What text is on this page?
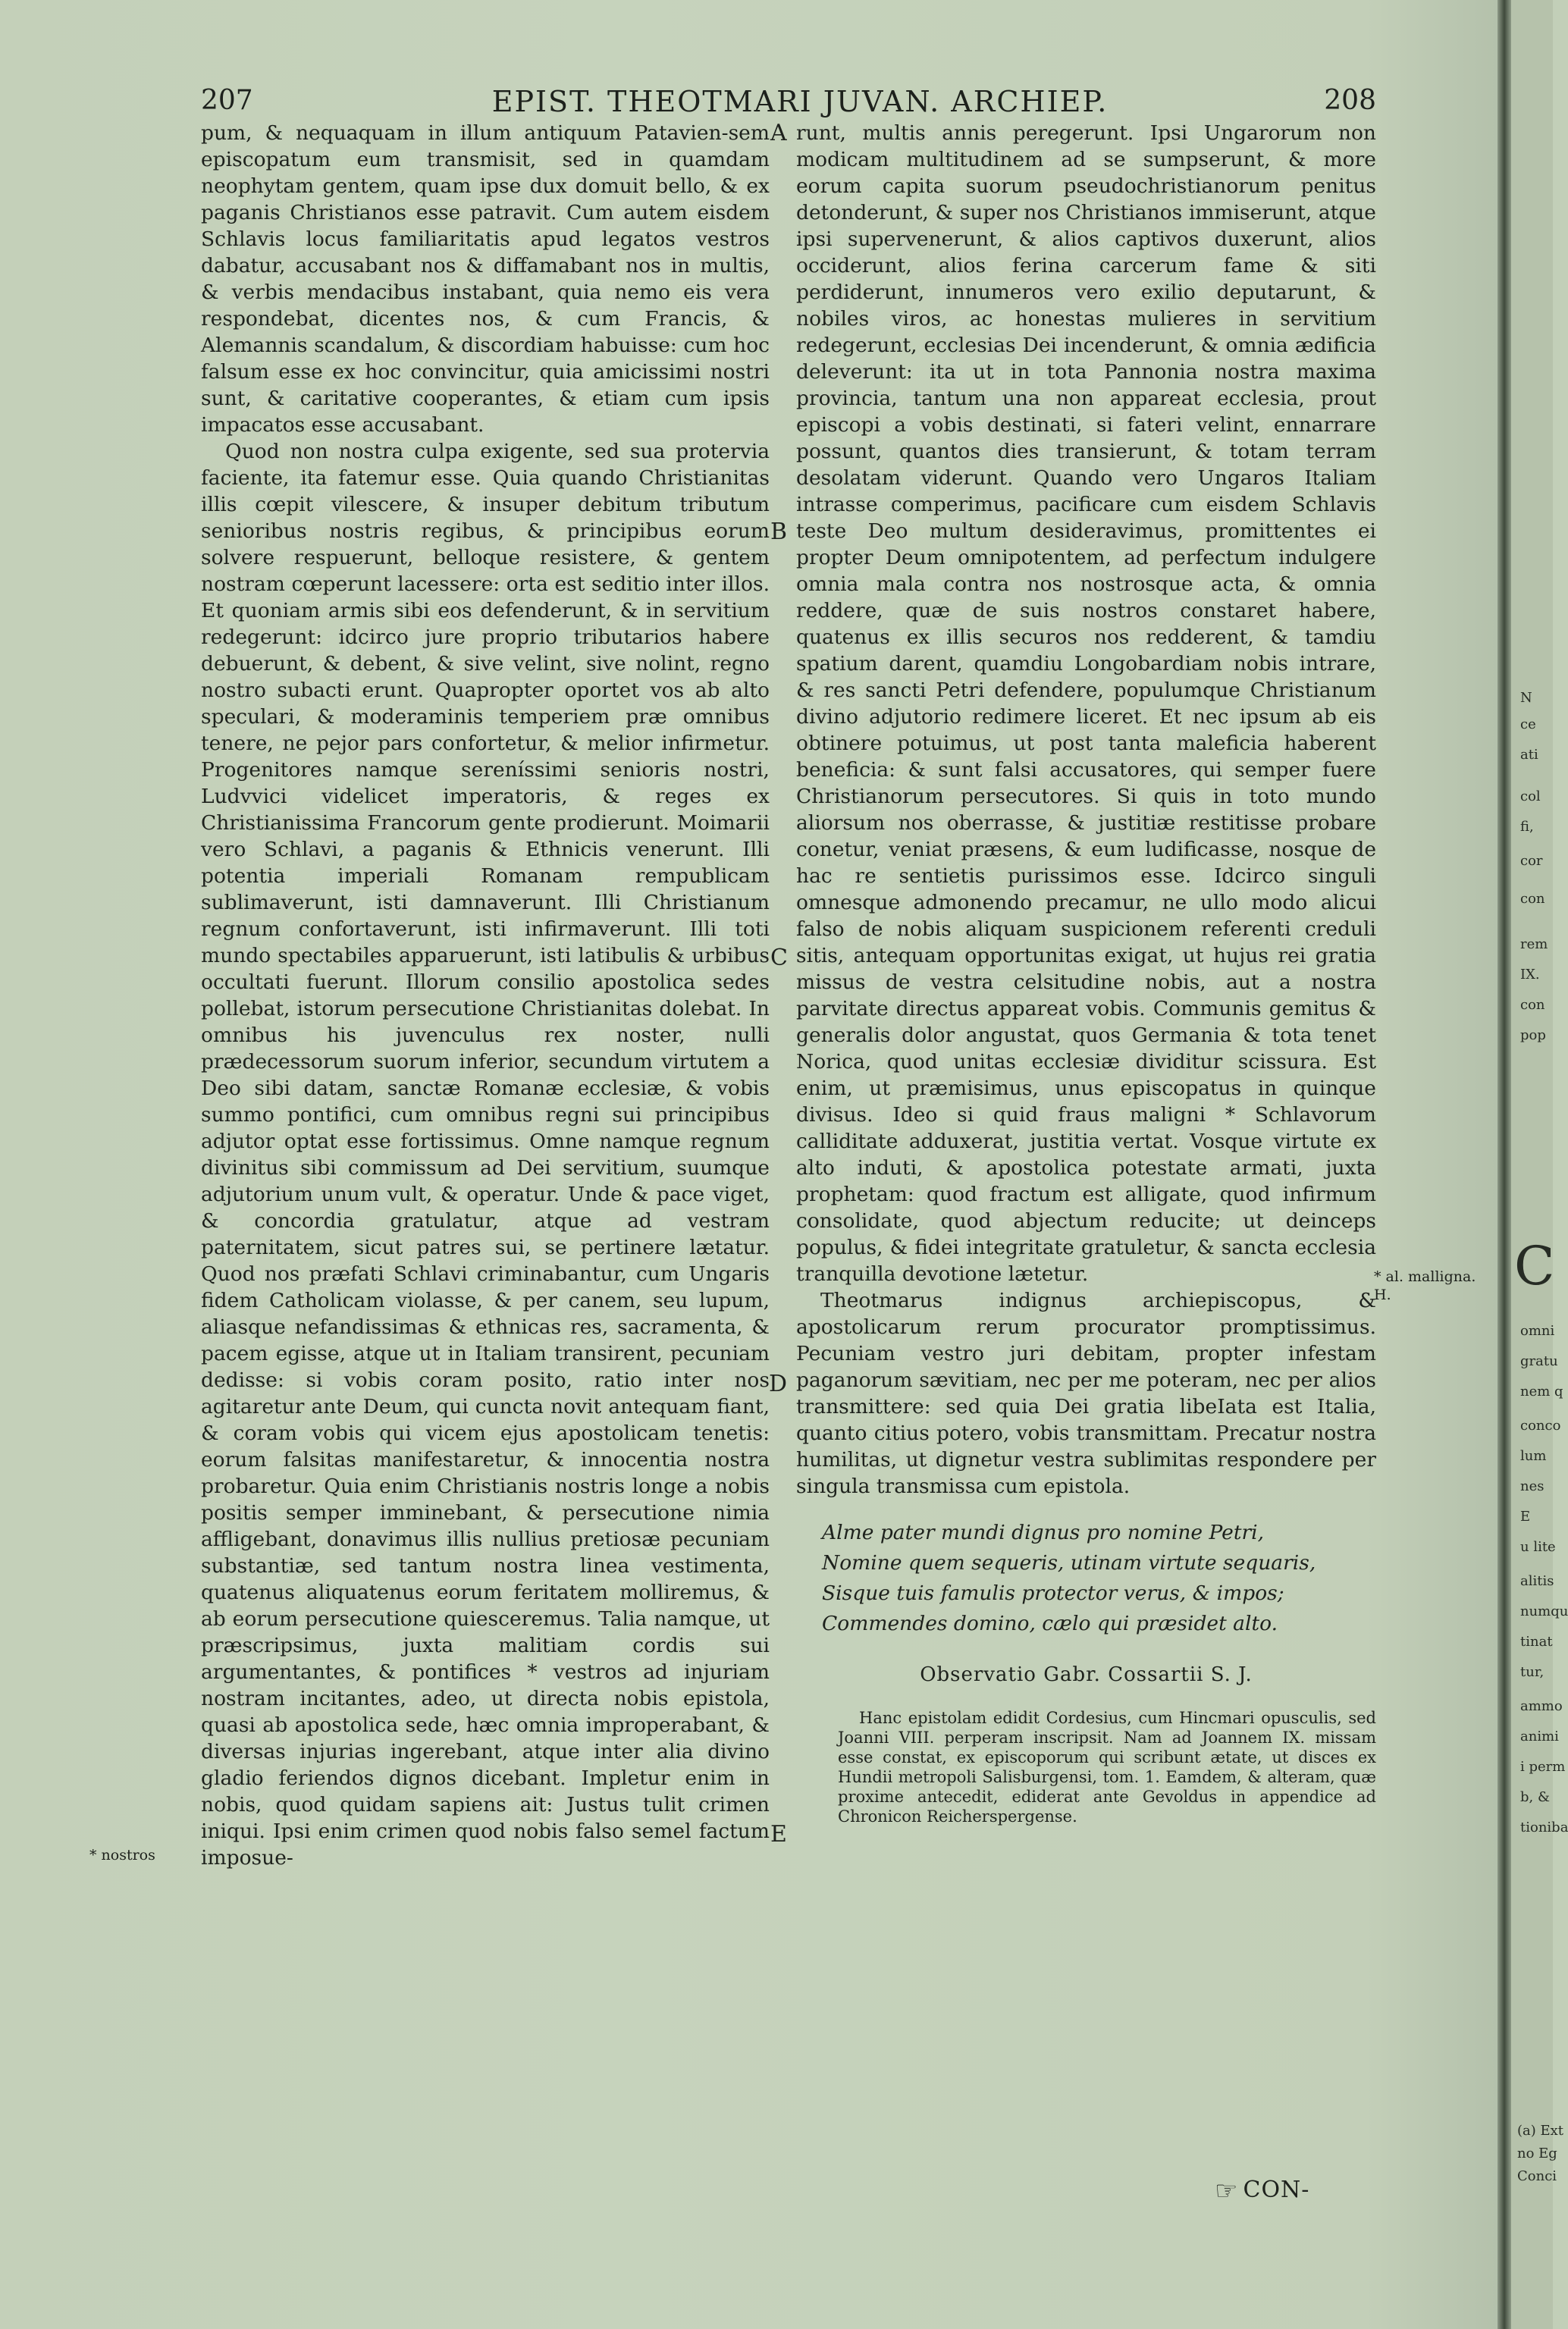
207	EPIST. THEOTMARI JUVAN. ARCHIEP.	208

pum, & nequaquam in illum antiquum Patavien-sem episcopatum eum transmisit, sed in quamdam neophytam gentem, quam ipse dux domuit bello, & ex paganis Christianos esse patravit. Cum autem eisdem Schlavis locus familiaritatis apud legatos vestros dabatur, accusabant nos & diffamabant nos in multis, & verbis mendacibus instabant, quia nemo eis vera respondebat, dicentes nos, & cum Francis, & Alemannis scandalum, & discordiam habuisse: cum hoc falsum esse ex hoc convincitur, quia amicissimi nostri sunt, & caritative cooperantes, & etiam cum ipsis impacatos esse accusabant.

Quod non nostra culpa exigente, sed sua protervia faciente, ita fatemur esse. Quia quando Christianitas illis cœpit vilescere, & insuper debitum tributum senioribus nostris regibus, & principibus eorum solvere respuerunt, belloque resistere, & gentem nostram cœperunt lacessere: orta est seditio inter illos. Et quoniam armis sibi eos defenderunt, & in servitium redegerunt: idcirco jure proprio tributarios habere debuerunt, & debent, & sive velint, sive nolint, regno nostro subacti erunt. Quapropter oportet vos ab alto speculari, & moderaminis temperiem præ omnibus tenere, ne pejor pars confortetur, & melior infirmetur. Progenitores namque sereníssimi senioris nostri, Ludvvici videlicet imperatoris, & reges ex Christianissima Francorum gente prodierunt. Moimarii vero Schlavi, a paganis & Ethnicis venerunt. Illi potentia imperiali Romanam rempublicam sublimaverunt, isti damnaverunt. Illi Christianum regnum confortaverunt, isti infirmaverunt. Illi toti mundo spectabiles apparuerunt, isti latibulis & urbibus occultati fuerunt. Illorum consilio apostolica sedes pollebat, istorum persecutione Christianitas dolebat. In omnibus his juvenculus rex noster, nulli prædecessorum suorum inferior, secundum virtutem a Deo sibi datam, sanctæ Romanæ ecclesiæ, & vobis summo pontifici, cum omnibus regni sui principibus adjutor optat esse fortissimus. Omne namque regnum divinitus sibi commissum ad Dei servitium, suumque adjutorium unum vult, & operatur. Unde & pace viget, & concordia gratulatur, atque ad vestram paternitatem, sicut patres sui, se pertinere lætatur. Quod nos præfati Schlavi criminabantur, cum Ungaris fidem Catholicam violasse, & per canem, seu lupum, aliasque nefandissimas & ethnicas res, sacramenta, & pacem egisse, atque ut in Italiam transirent, pecuniam dedisse: si vobis coram posito, ratio inter nos agitaretur ante Deum, qui cuncta novit antequam fiant, & coram vobis qui vicem ejus apostolicam tenetis: eorum falsitas manifestaretur, & innocentia nostra probaretur. Quia enim Christianis nostris longe a nobis positis semper imminebant, & persecutione nimia affligebant, donavimus illis nullius pretiosæ pecuniam substantiæ, sed tantum nostra linea vestimenta, quatenus aliquatenus eorum feritatem molliremus, & ab eorum persecutione quiesceremus. Talia namque, ut præscripsimus, juxta malitiam cordis sui argumentantes, & pontifices * vestros ad injuriam nostram incitantes, adeo, ut directa nobis epistola, quasi ab apostolica sede, hæc omnia improperabant, & diversas injurias ingerebant, atque inter alia divino gladio feriendos dignos dicebant. Impletur enim in nobis, quod quidam sapiens ait: Justus tulit crimen iniqui. Ipsi enim crimen quod nobis falso semel factum imposue-

runt, multis annis peregerunt. Ipsi Ungarorum non modicam multitudinem ad se sumpserunt, & more eorum capita suorum pseudochristianorum penitus detonderunt, & super nos Christianos immiserunt, atque ipsi supervenerunt, & alios captivos duxerunt, alios occiderunt, alios ferina carcerum fame & siti perdiderunt, innumeros vero exilio deputarunt, & nobiles viros, ac honestas mulieres in servitium redegerunt, ecclesias Dei incenderunt, & omnia ædificia deleverunt: ita ut in tota Pannonia nostra maxima provincia, tantum una non appareat ecclesia, prout episcopi a vobis destinati, si fateri velint, ennarrare possunt, quantos dies transierunt, & totam terram desolatam viderunt. Quando vero Ungaros Italiam intrasse comperimus, pacificare cum eisdem Schlavis teste Deo multum desideravimus, promittentes ei propter Deum omnipotentem, ad perfectum indulgere omnia mala contra nos nostrosque acta, & omnia reddere, quæ de suis nostros constaret habere, quatenus ex illis securos nos redderent, & tamdiu spatium darent, quamdiu Longobardiam nobis intrare, & res sancti Petri defendere, populumque Christianum divino adjutorio redimere liceret. Et nec ipsum ab eis obtinere potuimus, ut post tanta maleficia haberent beneficia: & sunt falsi accusatores, qui semper fuere Christianorum persecutores. Si quis in toto mundo aliorsum nos oberrasse, & justitiæ restitisse probare conetur, veniat præsens, & eum ludificasse, nosque de hac re sentietis purissimos esse. Idcirco singuli omnesque admonendo precamur, ne ullo modo alicui falso de nobis aliquam suspicionem referenti creduli sitis, antequam opportunitas exigat, ut hujus rei gratia missus de vestra celsitudine nobis, aut a nostra parvitate directus appareat vobis. Communis gemitus & generalis dolor angustat, quos Germania & tota tenet Norica, quod unitas ecclesiæ dividitur scissura. Est enim, ut præmisimus, unus episcopatus in quinque divisus. Ideo si quid fraus maligni * Schlavorum calliditate adduxerat, justitia vertat. Vosque virtute ex alto induti, & apostolica potestate armati, juxta prophetam: quod fractum est alligate, quod infirmum consolidate, quod abjectum reducite; ut deinceps populus, & fidei integritate gratuletur, & sancta ecclesia tranquilla devotione lætetur.

Theotmarus indignus archiepiscopus, & apostolicarum rerum procurator promptissimus. Pecuniam vestro juri debitam, propter infestam paganorum sævitiam, nec per me poteram, nec per alios transmittere: sed quia Dei gratia libeIata est Italia, quanto citius potero, vobis transmittam. Precatur nostra humilitas, ut dignetur vestra sublimitas respondere per singula transmissa cum epistola.

Alme pater mundi dignus pro nomine Petri,
Nomine quem sequeris, utinam virtute sequaris,
Sisque tuis famulis protector verus, & impos;
Commendes domino, cælo qui præsidet alto.
Observatio Gabr. Cossartii S. J.
Hanc epistolam edidit Cordesius, cum Hincmari opusculis, sed Joanni VIII. perperam inscripsit. Nam ad Joannem IX. missam esse constat, ex episcoporum qui scribunt ætate, ut disces ex Hundii metropoli Salisburgensi, tom. 1. Eamdem, & alteram, quæ proxime antecedit, ediderat ante Gevoldus in appendice ad Chronicon Reicherspergense.
A
B
C
D
E
* nostros
* al. malligna. H.
☞ CON-
N
ce
ati
col
fi,
cor
con
rem
IX.
con
pop
C
omni
gratu
nem q
conco
lum
nes
E
u lite
alitis
numqu
tinat
tur,
ammo
animi
i perm
b, &
tioniba
(a) Ext
no Eg
Conci
